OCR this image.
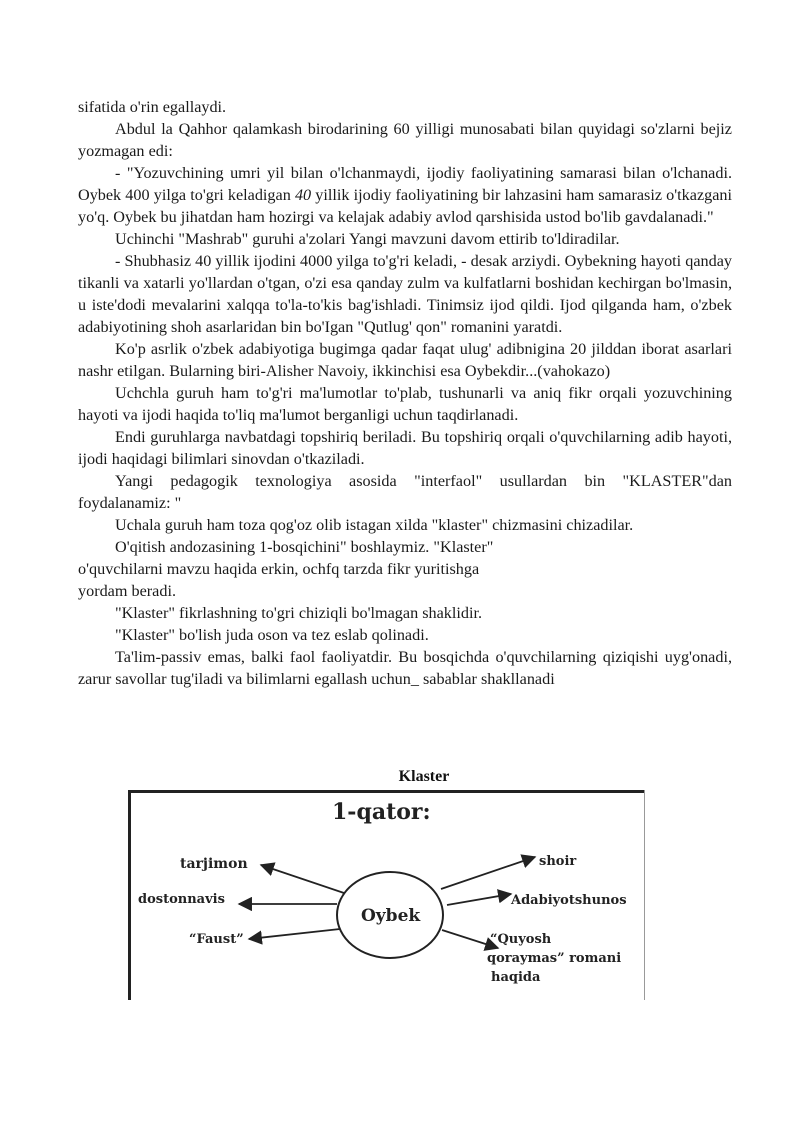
sifatida o'rin egallaydi.

Abdul la Qahhor qalamkash birodarining 60 yilligi munosabati bilan quyidagi so'zlarni bejiz yozmagan edi:

- "Yozuvchining umri yil bilan o'lchanmaydi, ijodiy faoliyatining samarasi bilan o'lchanadi. Oybek 400 yilga to'gri keladigan 40 yillik ijodiy faoliyatining bir lahzasini ham samarasiz o'tkazgani yo'q. Oybek bu jihatdan ham hozirgi va kelajak adabiy avlod qarshisida ustod bo'lib gavdalanadi."

Uchinchi "Mashrab" guruhi a'zolari Yangi mavzuni davom ettirib to'ldiradilar.

- Shubhasiz 40 yillik ijodini 4000 yilga to'g'ri keladi, - desak arziydi. Oybekning hayoti qanday tikanli va xatarli yo'llardan o'tgan, o'zi esa qanday zulm va kulfatlarni boshidan kechirgan bo'lmasin, u iste'dodi mevalarini xalqqa to'la-to'kis bag'ishladi. Tinimsiz ijod qildi. Ijod qilganda ham, o'zbek adabiyotining shoh asarlaridan bin bo'Igan "Qutlug' qon" romanini yaratdi.

Ko'p asrlik o'zbek adabiyotiga bugimga qadar faqat ulug' adibnigina 20 jilddan iborat asarlari nashr etilgan. Bularning biri-Alisher Navoiy, ikkinchisi esa Oybekdir...(vahokazo)

Uchchla guruh ham to'g'ri ma'lumotlar to'plab, tushunarli va aniq fikr orqali yozuvchining hayoti va ijodi haqida to'liq ma'lumot berganligi uchun taqdirlanadi.

Endi guruhlarga navbatdagi topshiriq beriladi. Bu topshiriq orqali o'quvchilarning adib hayoti, ijodi haqidagi bilimlari sinovdan o'tkaziladi.

Yangi pedagogik texnologiya asosida "interfaol" usullardan bin "KLASTER"dan foydalanamiz: "

Uchala guruh ham toza qog'oz olib istagan xilda "klaster" chizmasini chizadilar.

O'qitish andozasining 1-bosqichini" boshlaymiz. "Klaster"

o'quvchilarni mavzu haqida erkin, ochfq tarzda fikr yuritishga

yordam beradi.

"Klaster" fikrlashning to'gri chiziqli bo'lmagan shaklidir.

"Klaster" bo'lish juda oson va tez eslab qolinadi.

Ta'lim-passiv emas, balki faol faoliyatdir. Bu bosqichda o'quvchilarning qiziqishi uyg'onadi, zarur savollar tug'iladi va bilimlarni egallash uchun_ sabablar shakllanadi

Klaster
1-qator:
Oybek
tarjimon
dostonnavis
“Faust”
shoir
Adabiyotshunos
“Quyosh
qoraymas” romani
haqida
